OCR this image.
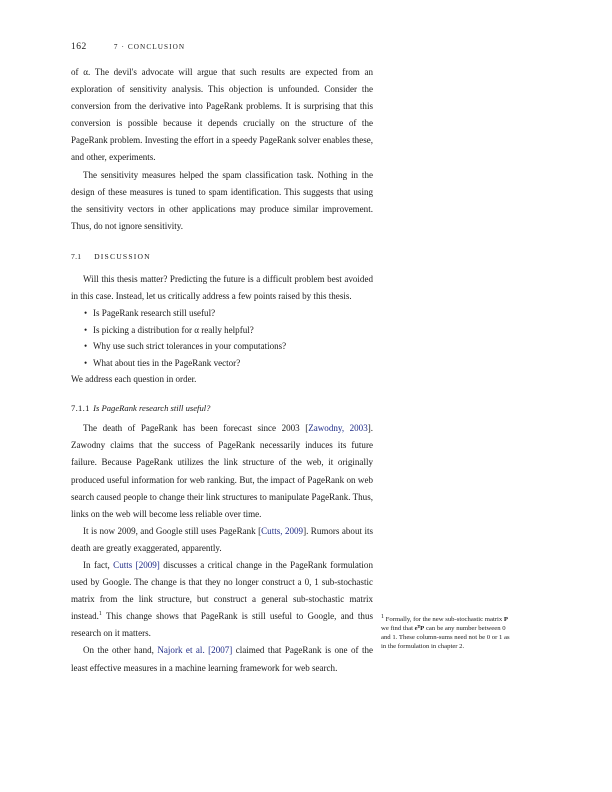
162	7 · CONCLUSION

of α. The devil's advocate will argue that such results are expected from an exploration of sensitivity analysis. This objection is unfounded. Consider the conversion from the derivative into PageRank problems. It is surprising that this conversion is possible because it depends crucially on the structure of the PageRank problem. Investing the effort in a speedy PageRank solver enables these, and other, experiments.

The sensitivity measures helped the spam classification task. Nothing in the design of these measures is tuned to spam identification. This suggests that using the sensitivity vectors in other applications may produce similar improvement. Thus, do not ignore sensitivity.

7.1 DISCUSSION

Will this thesis matter? Predicting the future is a difficult problem best avoided in this case. Instead, let us critically address a few points raised by this thesis.

• Is PageRank research still useful?
• Is picking a distribution for α really helpful?
• Why use such strict tolerances in your computations?
• What about ties in the PageRank vector?

We address each question in order.

7.1.1 Is PageRank research still useful?

The death of PageRank has been forecast since 2003 [Zawodny, 2003]. Zawodny claims that the success of PageRank necessarily induces its future failure. Because PageRank utilizes the link structure of the web, it originally produced useful information for web ranking. But, the impact of PageRank on web search caused people to change their link structures to manipulate PageRank. Thus, links on the web will become less reliable over time.

It is now 2009, and Google still uses PageRank [Cutts, 2009]. Rumors about its death are greatly exaggerated, apparently.

In fact, Cutts [2009] discusses a critical change in the PageRank formulation used by Google. The change is that they no longer construct a 0, 1 sub-stochastic matrix from the link structure, but construct a general sub-stochastic matrix instead.$^1$ This change shows that PageRank is still useful to Google, and thus research on it matters.

On the other hand, Najork et al. [2007] claimed that PageRank is one of the least effective measures in a machine learning framework for web search.

$^1$ Formally, for the new sub-stochastic matrix P we find that eᵀP can be any number between 0 and 1. These column-sums need not be 0 or 1 as in the formulation in chapter 2.
